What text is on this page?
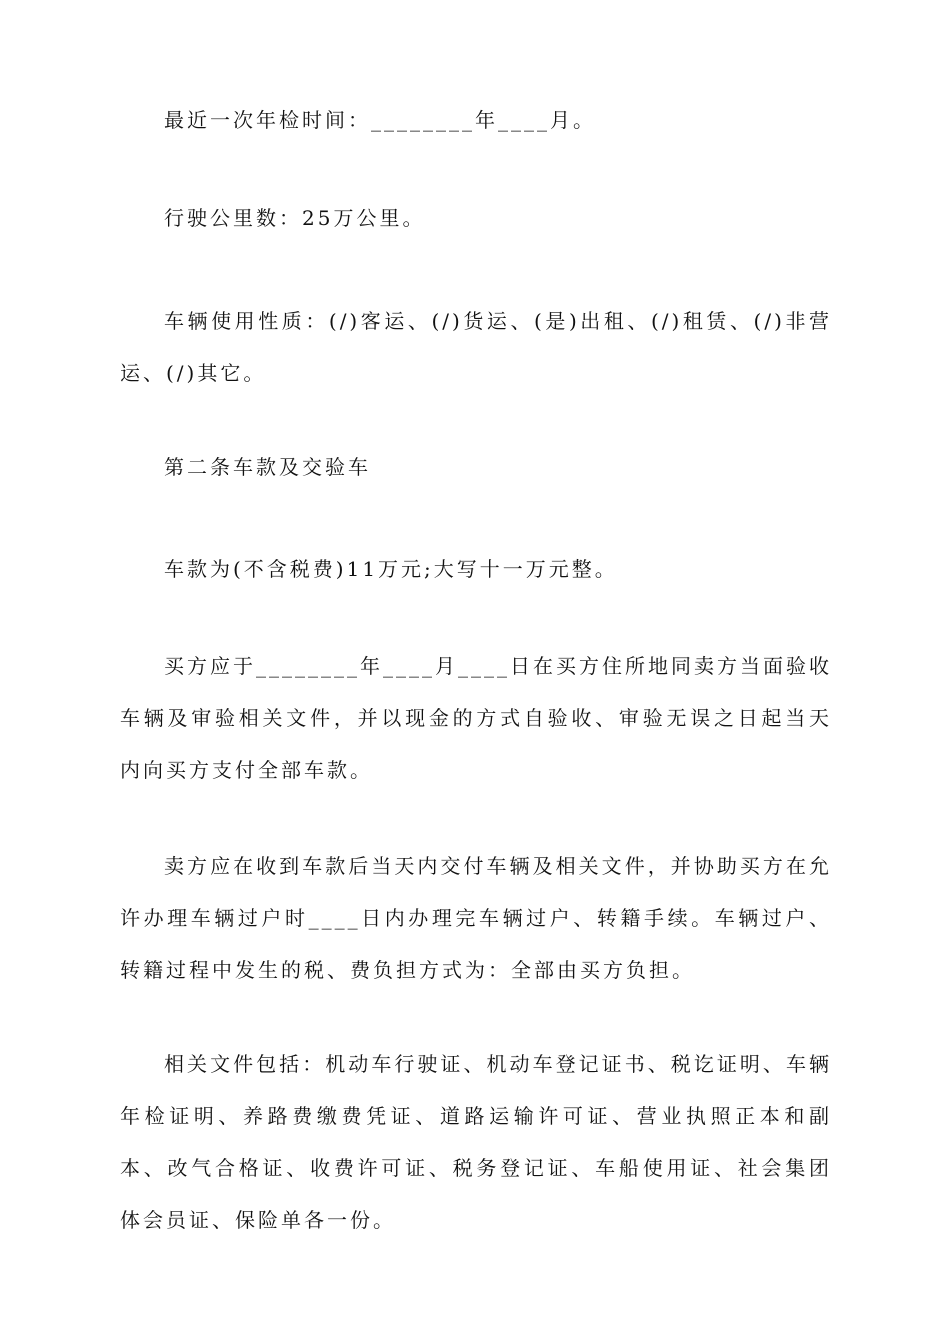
最近一次年检时间：________年____月。

行驶公里数：25万公里。

车辆使用性质：(/)客运、(/)货运、(是)出租、(/)租赁、(/)非营运、(/)其它。

第二条车款及交验车

车款为(不含税费)11万元;大写十一万元整。

买方应于________年____月____日在买方住所地同卖方当面验收车辆及审验相关文件，并以现金的方式自验收、审验无误之日起当天内向买方支付全部车款。

卖方应在收到车款后当天内交付车辆及相关文件，并协助买方在允许办理车辆过户时____日内办理完车辆过户、转籍手续。车辆过户、转籍过程中发生的税、费负担方式为：全部由买方负担。

相关文件包括：机动车行驶证、机动车登记证书、税讫证明、车辆年检证明、养路费缴费凭证、道路运输许可证、营业执照正本和副本、改气合格证、收费许可证、税务登记证、车船使用证、社会集团体会员证、保险单各一份。
